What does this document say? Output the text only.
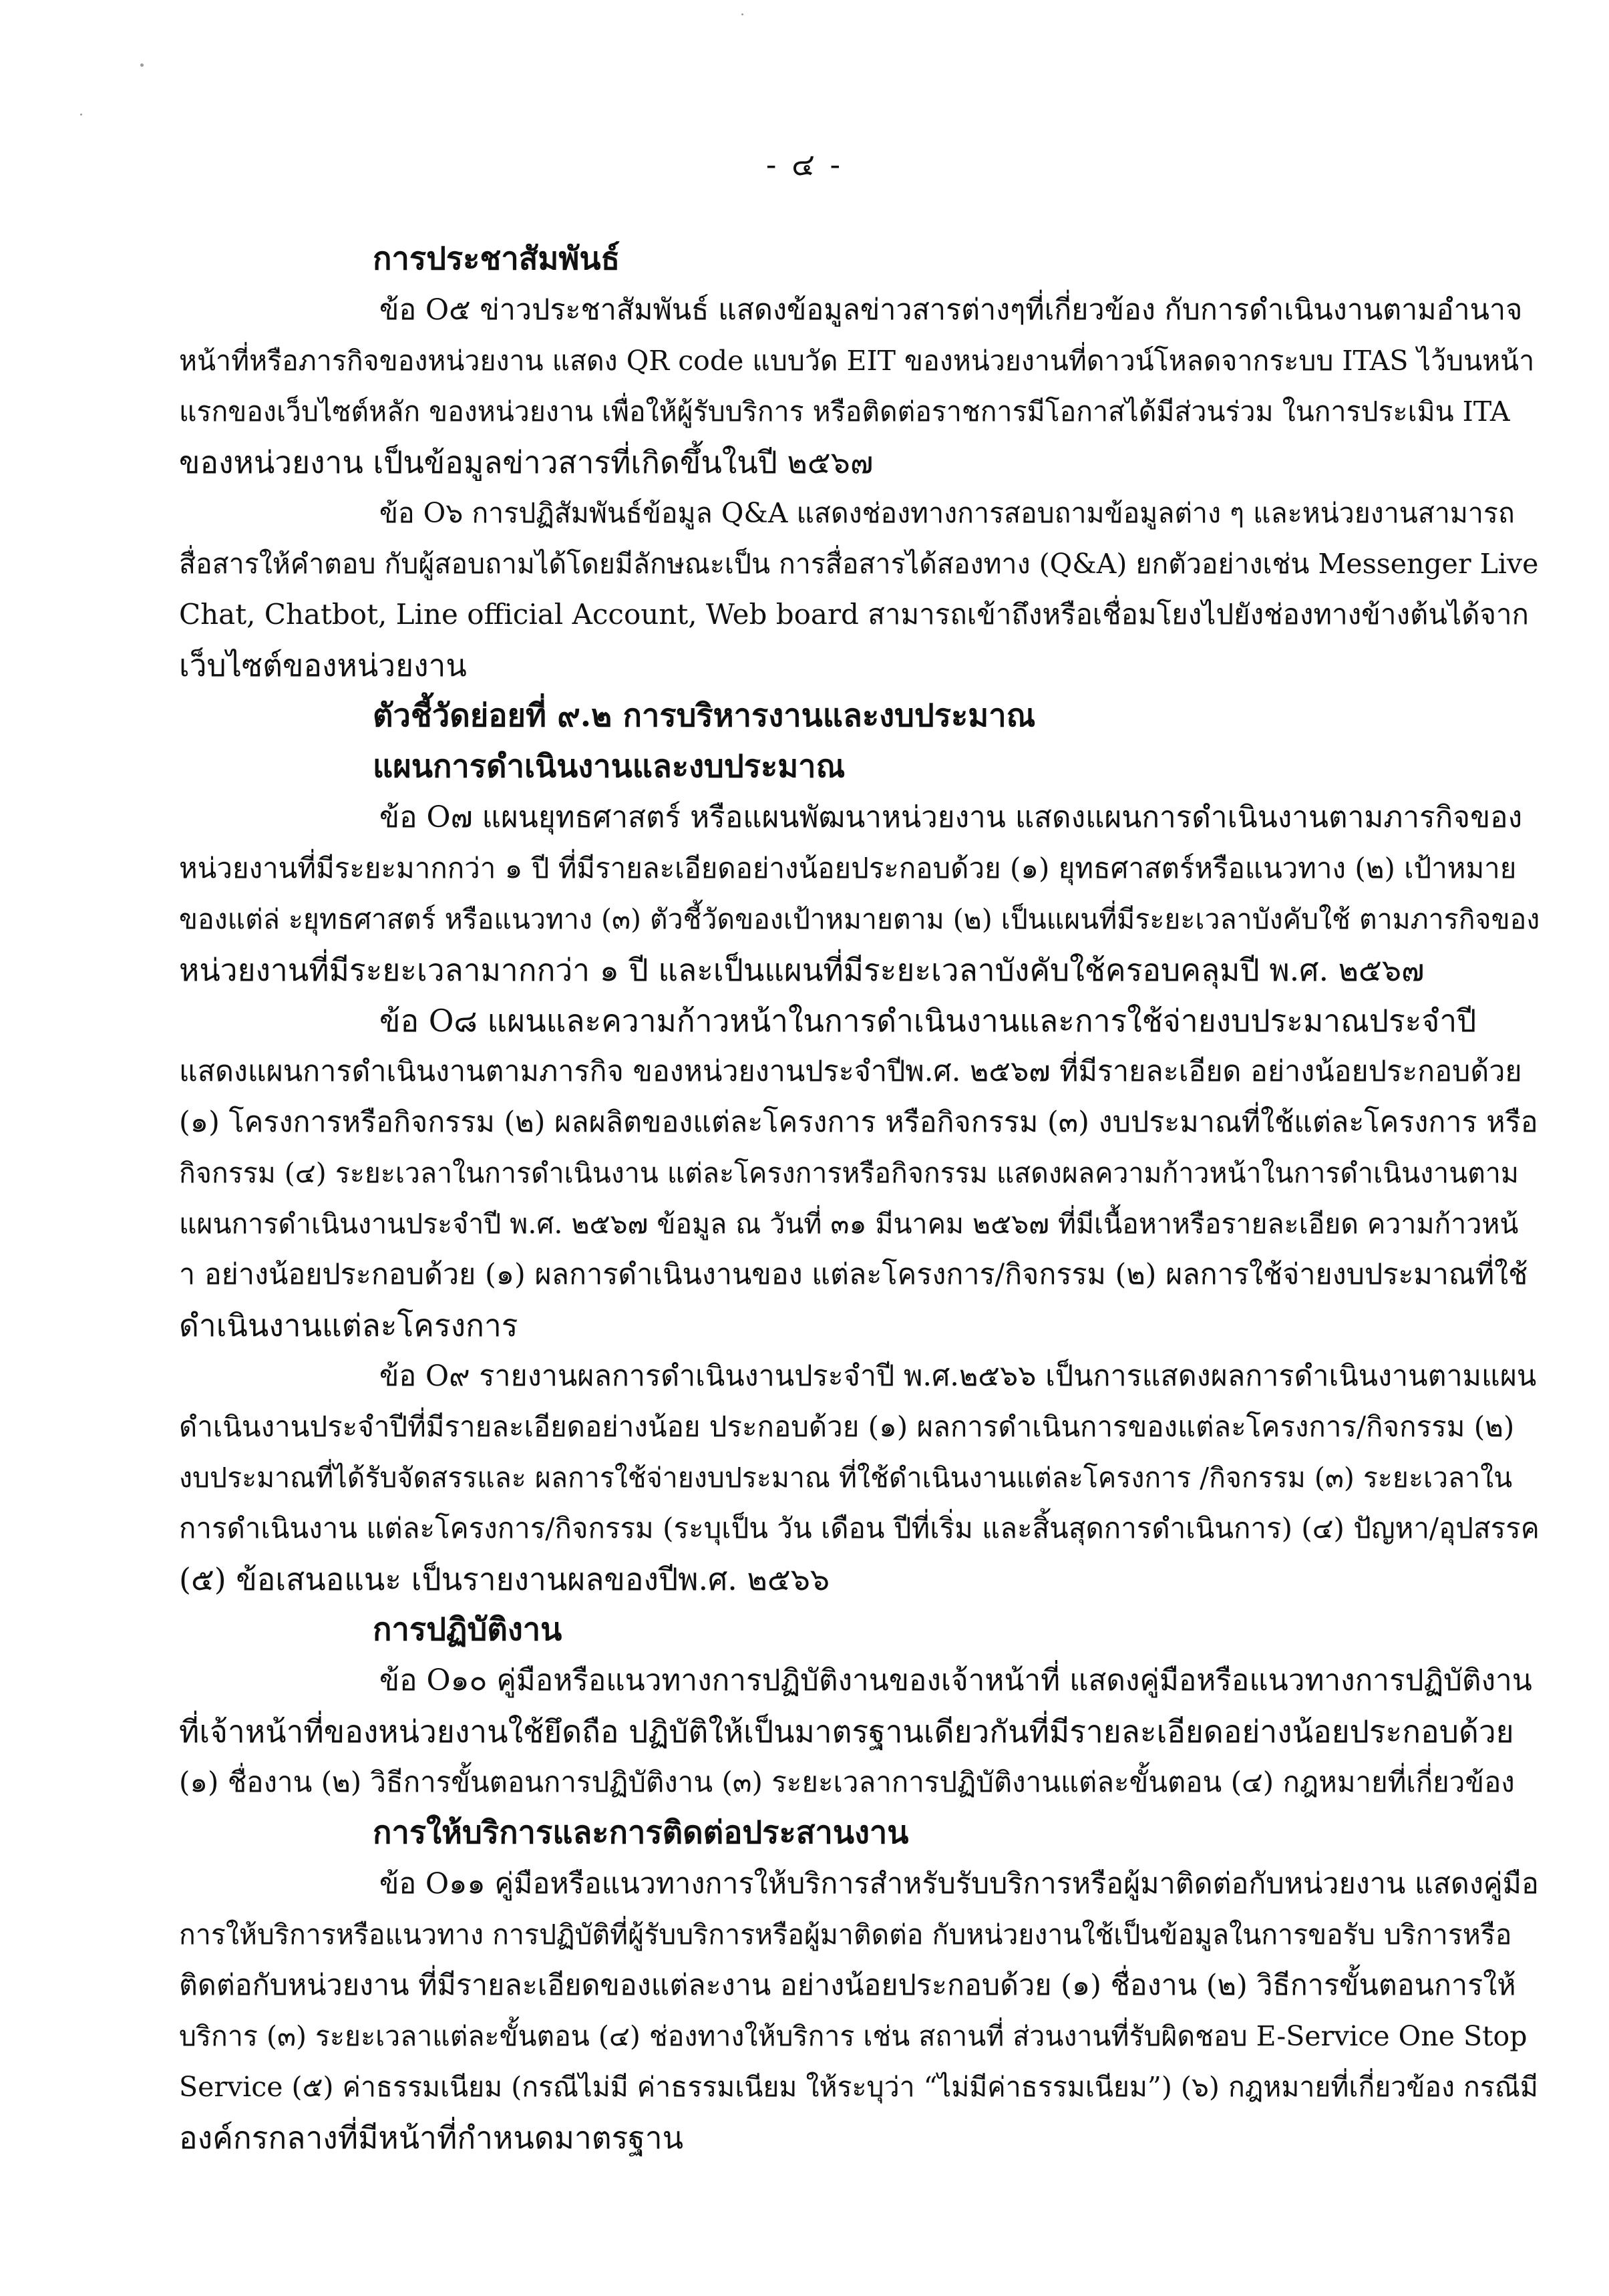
- ๔ -
การประชาสัมพันธ์
ข้อ O๕ ข่าวประชาสัมพันธ์ แสดงข้อมูลข่าวสารต่างๆที่เกี่ยวข้อง กับการดำเนินงานตามอำนาจ
หน้าที่หรือภารกิจของหน่วยงาน แสดง QR code แบบวัด EIT ของหน่วยงานที่ดาวน์โหลดจากระบบ ITAS ไว้บนหน้า
แรกของเว็บไซต์หลัก ของหน่วยงาน เพื่อให้ผู้รับบริการ หรือติดต่อราชการมีโอกาสได้มีส่วนร่วม ในการประเมิน ITA
ของหน่วยงาน เป็นข้อมูลข่าวสารที่เกิดขึ้นในปี ๒๕๖๗
ข้อ O๖ การปฏิสัมพันธ์ข้อมูล Q&A แสดงช่องทางการสอบถามข้อมูลต่าง ๆ และหน่วยงานสามารถ
สื่อสารให้คำตอบ กับผู้สอบถามได้โดยมีลักษณะเป็น การสื่อสารได้สองทาง (Q&A) ยกตัวอย่างเช่น Messenger Live
Chat, Chatbot, Line official Account, Web board สามารถเข้าถึงหรือเชื่อมโยงไปยังช่องทางข้างต้นได้จาก
เว็บไซต์ของหน่วยงาน
ตัวชี้วัดย่อยที่ ๙.๒ การบริหารงานและงบประมาณ
แผนการดำเนินงานและงบประมาณ
ข้อ O๗ แผนยุทธศาสตร์ หรือแผนพัฒนาหน่วยงาน แสดงแผนการดำเนินงานตามภารกิจของ
หน่วยงานที่มีระยะมากกว่า ๑ ปี ที่มีรายละเอียดอย่างน้อยประกอบด้วย (๑) ยุทธศาสตร์หรือแนวทาง (๒) เป้าหมาย
ของแต่ล่ ะยุทธศาสตร์ หรือแนวทาง (๓) ตัวชี้วัดของเป้าหมายตาม (๒) เป็นแผนที่มีระยะเวลาบังคับใช้ ตามภารกิจของ
หน่วยงานที่มีระยะเวลามากกว่า ๑ ปี และเป็นแผนที่มีระยะเวลาบังคับใช้ครอบคลุมปี พ.ศ. ๒๕๖๗
ข้อ O๘ แผนและความก้าวหน้าในการดำเนินงานและการใช้จ่ายงบประมาณประจำปี
แสดงแผนการดำเนินงานตามภารกิจ ของหน่วยงานประจำปีพ.ศ. ๒๕๖๗ ที่มีรายละเอียด อย่างน้อยประกอบด้วย
(๑) โครงการหรือกิจกรรม (๒) ผลผลิตของแต่ละโครงการ หรือกิจกรรม (๓) งบประมาณที่ใช้แต่ละโครงการ หรือ
กิจกรรม (๔) ระยะเวลาในการดำเนินงาน แต่ละโครงการหรือกิจกรรม แสดงผลความก้าวหน้าในการดำเนินงานตาม
แผนการดำเนินงานประจำปี พ.ศ. ๒๕๖๗ ข้อมูล ณ วันที่ ๓๑ มีนาคม ๒๕๖๗ ที่มีเนื้อหาหรือรายละเอียด ความก้าวหน้
า อย่างน้อยประกอบด้วย (๑) ผลการดำเนินงานของ แต่ละโครงการ/กิจกรรม (๒) ผลการใช้จ่ายงบประมาณที่ใช้
ดำเนินงานแต่ละโครงการ
ข้อ O๙ รายงานผลการดำเนินงานประจำปี พ.ศ.๒๕๖๖ เป็นการแสดงผลการดำเนินงานตามแผน
ดำเนินงานประจำปีที่มีรายละเอียดอย่างน้อย ประกอบด้วย (๑) ผลการดำเนินการของแต่ละโครงการ/กิจกรรม (๒)
งบประมาณที่ได้รับจัดสรรและ ผลการใช้จ่ายงบประมาณ ที่ใช้ดำเนินงานแต่ละโครงการ /กิจกรรม (๓) ระยะเวลาใน
การดำเนินงาน แต่ละโครงการ/กิจกรรม (ระบุเป็น วัน เดือน ปีที่เริ่ม และสิ้นสุดการดำเนินการ) (๔) ปัญหา/อุปสรรค
(๕) ข้อเสนอแนะ เป็นรายงานผลของปีพ.ศ. ๒๕๖๖
การปฏิบัติงาน
ข้อ O๑๐ คู่มือหรือแนวทางการปฏิบัติงานของเจ้าหน้าที่ แสดงคู่มือหรือแนวทางการปฏิบัติงาน
ที่เจ้าหน้าที่ของหน่วยงานใช้ยึดถือ ปฏิบัติให้เป็นมาตรฐานเดียวกันที่มีรายละเอียดอย่างน้อยประกอบด้วย
(๑) ชื่องาน (๒) วิธีการขั้นตอนการปฏิบัติงาน (๓) ระยะเวลาการปฏิบัติงานแต่ละขั้นตอน (๔) กฎหมายที่เกี่ยวข้อง
การให้บริการและการติดต่อประสานงาน
ข้อ O๑๑ คู่มือหรือแนวทางการให้บริการสำหรับรับบริการหรือผู้มาติดต่อกับหน่วยงาน แสดงคู่มือ
การให้บริการหรือแนวทาง การปฏิบัติที่ผู้รับบริการหรือผู้มาติดต่อ กับหน่วยงานใช้เป็นข้อมูลในการขอรับ บริการหรือ
ติดต่อกับหน่วยงาน ที่มีรายละเอียดของแต่ละงาน อย่างน้อยประกอบด้วย (๑) ชื่องาน (๒) วิธีการขั้นตอนการให้
บริการ (๓) ระยะเวลาแต่ละขั้นตอน (๔) ช่องทางให้บริการ เช่น สถานที่ ส่วนงานที่รับผิดชอบ E-Service One Stop
Service (๕) ค่าธรรมเนียม (กรณีไม่มี ค่าธรรมเนียม ให้ระบุว่า “ไม่มีค่าธรรมเนียม”) (๖) กฎหมายที่เกี่ยวข้อง กรณีมี
องค์กรกลางที่มีหน้าที่กำหนดมาตรฐาน
